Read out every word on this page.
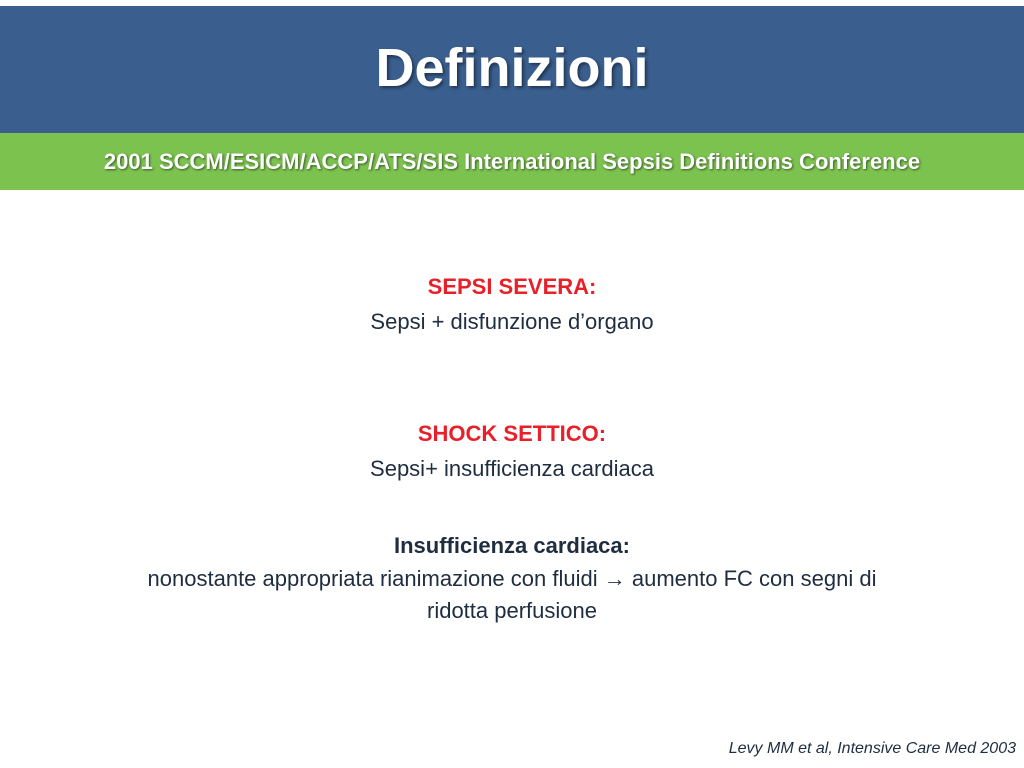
Definizioni
2001 SCCM/ESICM/ACCP/ATS/SIS International Sepsis Definitions Conference
SEPSI SEVERA:
Sepsi + disfunzione d’organo
SHOCK SETTICO:
Sepsi+ insufficienza cardiaca
Insufficienza cardiaca:
nonostante appropriata rianimazione con fluidi → aumento FC con segni di
ridotta perfusione
Levy MM et al, Intensive Care Med 2003
